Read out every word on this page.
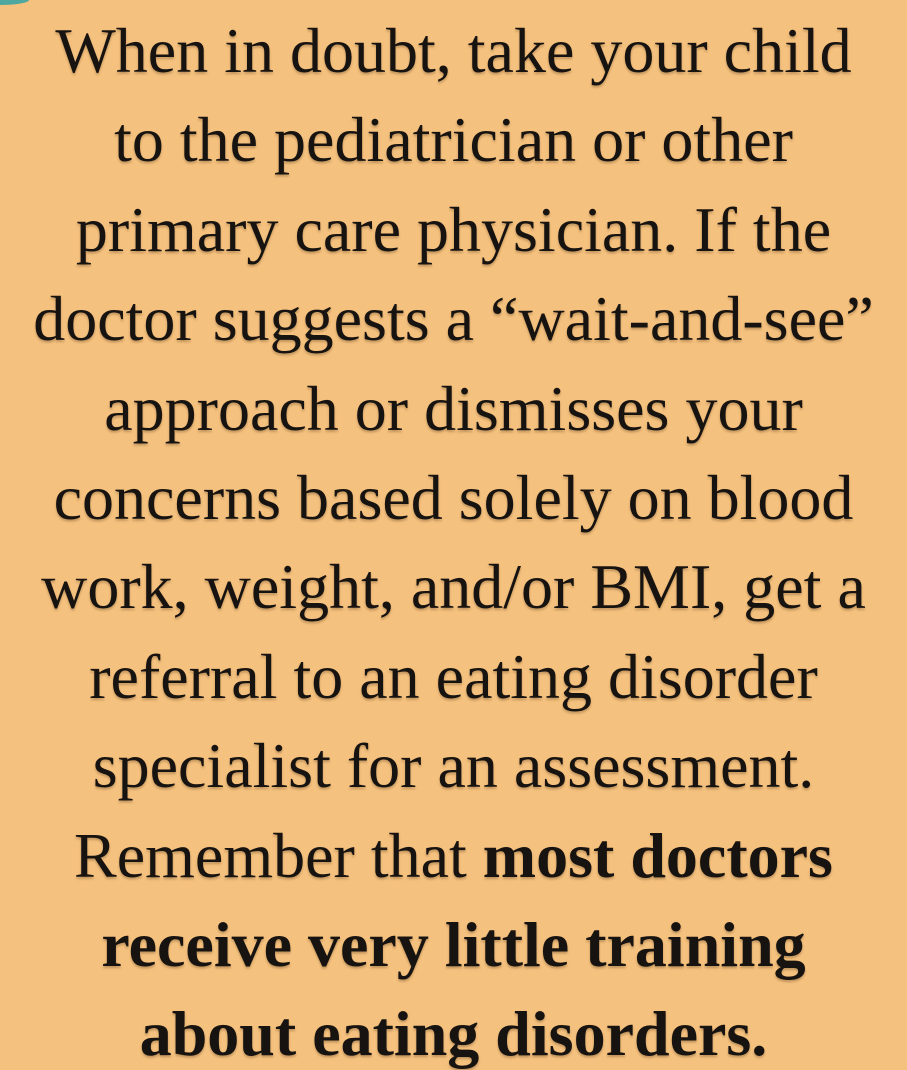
When in doubt, take your child
to the pediatrician or other
primary care physician. If the
doctor suggests a “wait-and-see”
approach or dismisses your
concerns based solely on blood
work, weight, and/or BMI, get a
referral to an eating disorder
specialist for an assessment.
Remember that most doctors
receive very little training
about eating disorders.
